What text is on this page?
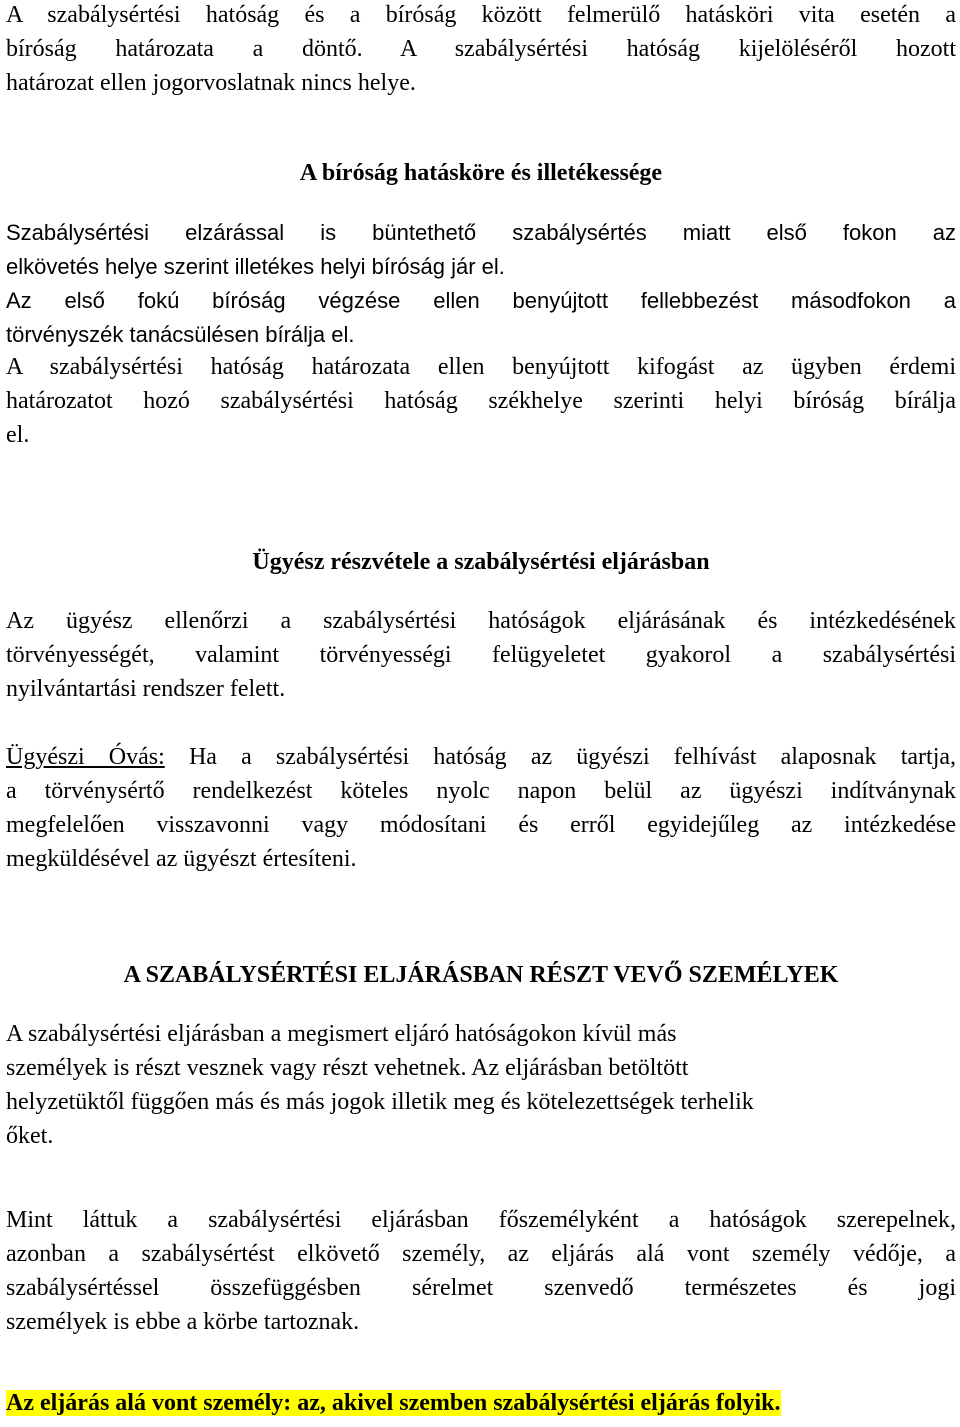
A szabálysértési hatóság és a bíróság között felmerülő hatásköri vita esetén a
bíróság határozata a döntő. A szabálysértési hatóság kijelöléséről hozott
határozat ellen jogorvoslatnak nincs helye.

A bíróság hatásköre és illetékessége

Szabálysértési elzárással is büntethető szabálysértés miatt első fokon az
elkövetés helye szerint illetékes helyi bíróság jár el.
Az első fokú bíróság végzése ellen benyújtott fellebbezést másodfokon a
törvényszék tanácsülésen bírálja el.

A szabálysértési hatóság határozata ellen benyújtott kifogást az ügyben érdemi
határozatot hozó szabálysértési hatóság székhelye szerinti helyi bíróság bírálja
el.

Ügyész részvétele a szabálysértési eljárásban

Az ügyész ellenőrzi a szabálysértési hatóságok eljárásának és intézkedésének
törvényességét, valamint törvényességi felügyeletet gyakorol a szabálysértési
nyilvántartási rendszer felett.

Ügyészi Óvás: Ha a szabálysértési hatóság az ügyészi felhívást alaposnak tartja,
a törvénysértő rendelkezést köteles nyolc napon belül az ügyészi indítványnak
megfelelően visszavonni vagy módosítani és erről egyidejűleg az intézkedése
megküldésével az ügyészt értesíteni.

A SZABÁLYSÉRTÉSI ELJÁRÁSBAN RÉSZT VEVŐ SZEMÉLYEK

A szabálysértési eljárásban a megismert eljáró hatóságokon kívül más
személyek is részt vesznek vagy részt vehetnek. Az eljárásban betöltött
helyzetüktől függően más és más jogok illetik meg és kötelezettségek terhelik
őket.

Mint láttuk a szabálysértési eljárásban főszemélyként a hatóságok szerepelnek,
azonban a szabálysértést elkövető személy, az eljárás alá vont személy védője, a
szabálysértéssel összefüggésben sérelmet szenvedő természetes és jogi
személyek is ebbe a körbe tartoznak.

Az eljárás alá vont személy: az, akivel szemben szabálysértési eljárás folyik.
